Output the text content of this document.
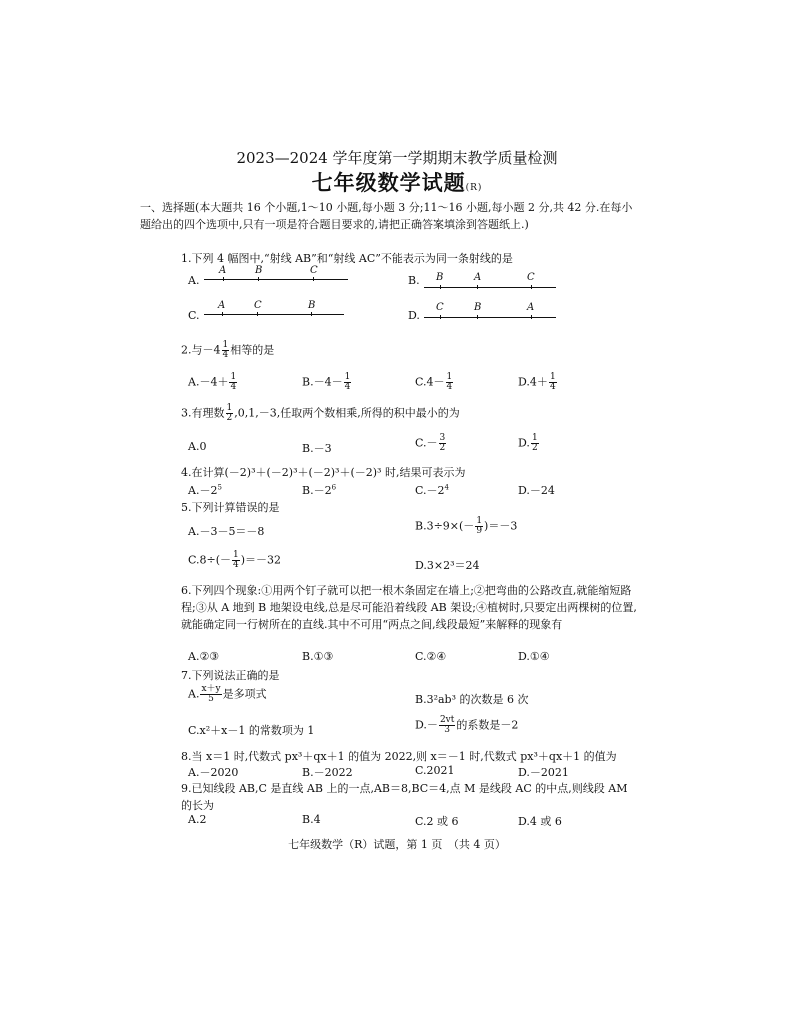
2023—2024 学年度第一学期期末教学质量检测
七年级数学试题(R)
一、选择题(本大题共 16 个小题,1～10 小题,每小题 3 分;11～16 小题,每小题 2 分,共 42 分.在每小题给出的四个选项中,只有一项是符合题目要求的,请把正确答案填涂到答题纸上.)
1.下列 4 幅图中,“射线 AB”和“射线 AC”不能表示为同一条射线的是
A.
A	B	C
B. B	A	C
C.
A	C	B
D.
C	B	A
2.与$-4 \frac{1}{4}$ 相等的是
$A.-4+ \frac{1}{4}$	$B.-4- \frac{1}{4}$	$C.4- \frac{1}{4}$	$D.4+ \frac{1}{4}$
3.有理数 $\frac{1}{2} ,0,1,-3$,任取两个数相乘,所得的积中最小的为
A.0	B.－3	$C.- \frac{3}{2}$	D. $\frac{1}{2}$
4.在计算(－2)³＋(－2)³＋(－2)³＋(－2)³ 时,结果可表示为
$A.-2^5$	$B.-2^6$	$C.-2^4$	D.－24
5.下列计算错误的是
A.－3－5＝－8	$B.3\div 9\times(- \frac{1}{9} )=-3$
$C.8\div(- \frac{1}{4} )=-32$	D.3×2³＝24
6.下列四个现象:①用两个钉子就可以把一根木条固定在墙上;②把弯曲的公路改直,就能缩短路程;③从 A 地到 B 地架设电线,总是尽可能沿着线段 AB 架设;④植树时,只要定出两棵树的位置,就能确定同一行树所在的直线.其中不可用“两点之间,线段最短”来解释的现象有
A.②③	B.①③	C.②④	D.①④
7.下列说法正确的是
A. $\frac{x+y}{5}$ 是多项式	B.3²ab³ 的次数是 6 次
C.x²＋x－1 的常数项为 1	$D.- \frac{2vt}{3}$ 的系数是－2
8.当 x＝1 时,代数式 px³＋qx＋1 的值为 2022,则 x＝－1 时,代数式 px³＋qx＋1 的值为
A.－2020	B.－2022	C.2021	D.－2021
9.已知线段 AB,C 是直线 AB 上的一点,AB＝8,BC＝4,点 M 是线段 AC 的中点,则线段 AM 的长为
A.2	B.4	C.2 或 6	D.4 或 6
七年级数学（R）试题，第 1 页　（共 4 页）
